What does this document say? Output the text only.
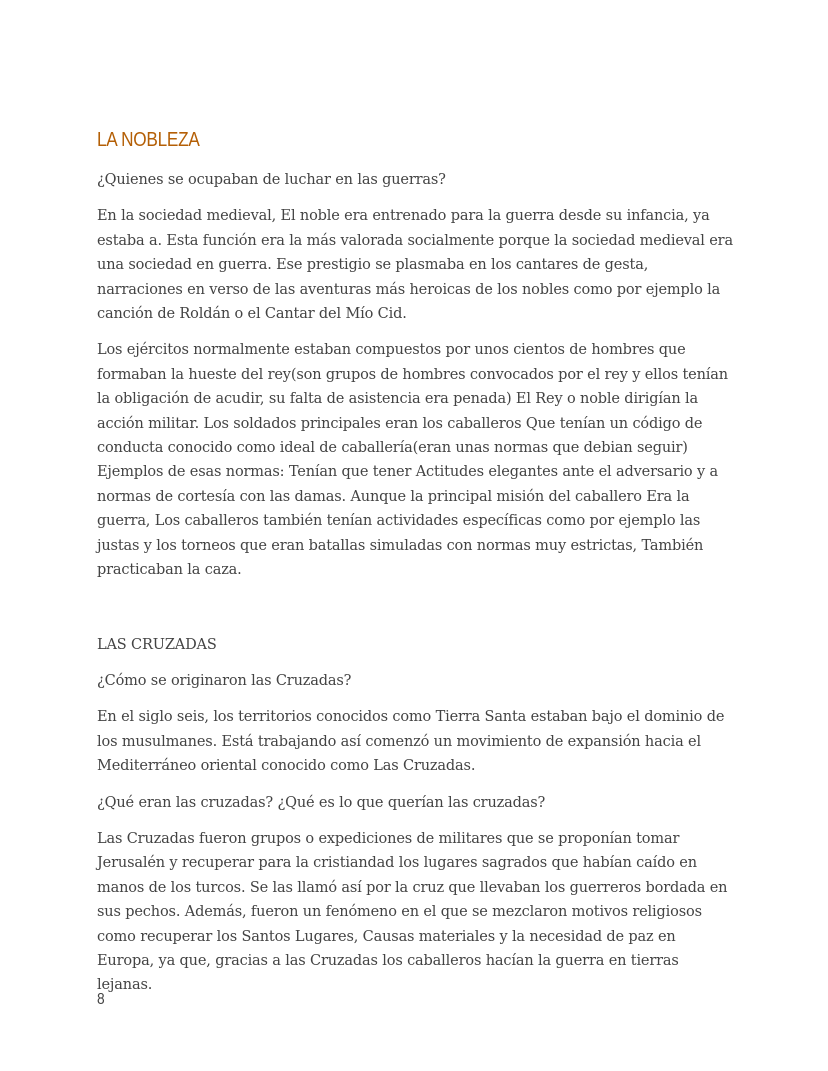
LA NOBLEZA

¿Quienes se ocupaban de luchar en las guerras?

En la sociedad medieval, El noble era entrenado para la guerra desde su infancia, ya estaba a. Esta función era la más valorada socialmente porque la sociedad medieval era una sociedad en guerra. Ese prestigio se plasmaba en los cantares de gesta, narraciones en verso de las aventuras más heroicas de los nobles como por ejemplo la canción de Roldán o el Cantar del Mío Cid.

Los ejércitos normalmente estaban compuestos por unos cientos de hombres que formaban la hueste del rey(son grupos de hombres convocados por el rey y ellos tenían la obligación de acudir, su falta de asistencia era penada) El Rey o noble dirigían la acción militar. Los soldados principales eran los caballeros Que tenían un código de conducta conocido como ideal de caballería(eran unas normas que debian seguir) Ejemplos de esas normas: Tenían que tener Actitudes elegantes ante el adversario y a normas de cortesía con las damas. Aunque la principal misión del caballero Era la guerra, Los caballeros también tenían actividades específicas como por ejemplo las justas y los torneos que eran batallas simuladas con normas muy estrictas, También practicaban la caza.

LAS CRUZADAS

¿Cómo se originaron las Cruzadas?

En el siglo seis, los territorios conocidos como Tierra Santa estaban bajo el dominio de los musulmanes. Está trabajando así comenzó un movimiento de expansión hacia el Mediterráneo oriental conocido como Las Cruzadas.

¿Qué eran las cruzadas? ¿Qué es lo que querían las cruzadas?

Las Cruzadas fueron grupos o expediciones de militares que se proponían tomar Jerusalén y recuperar para la cristiandad los lugares sagrados que habían caído en manos de los turcos. Se las llamó así por la cruz que llevaban los guerreros bordada en sus pechos. Además, fueron un fenómeno en el que se mezclaron motivos religiosos como recuperar los Santos Lugares, Causas materiales y la necesidad de paz en Europa, ya que, gracias a las Cruzadas los caballeros hacían la guerra en tierras lejanas.

8
